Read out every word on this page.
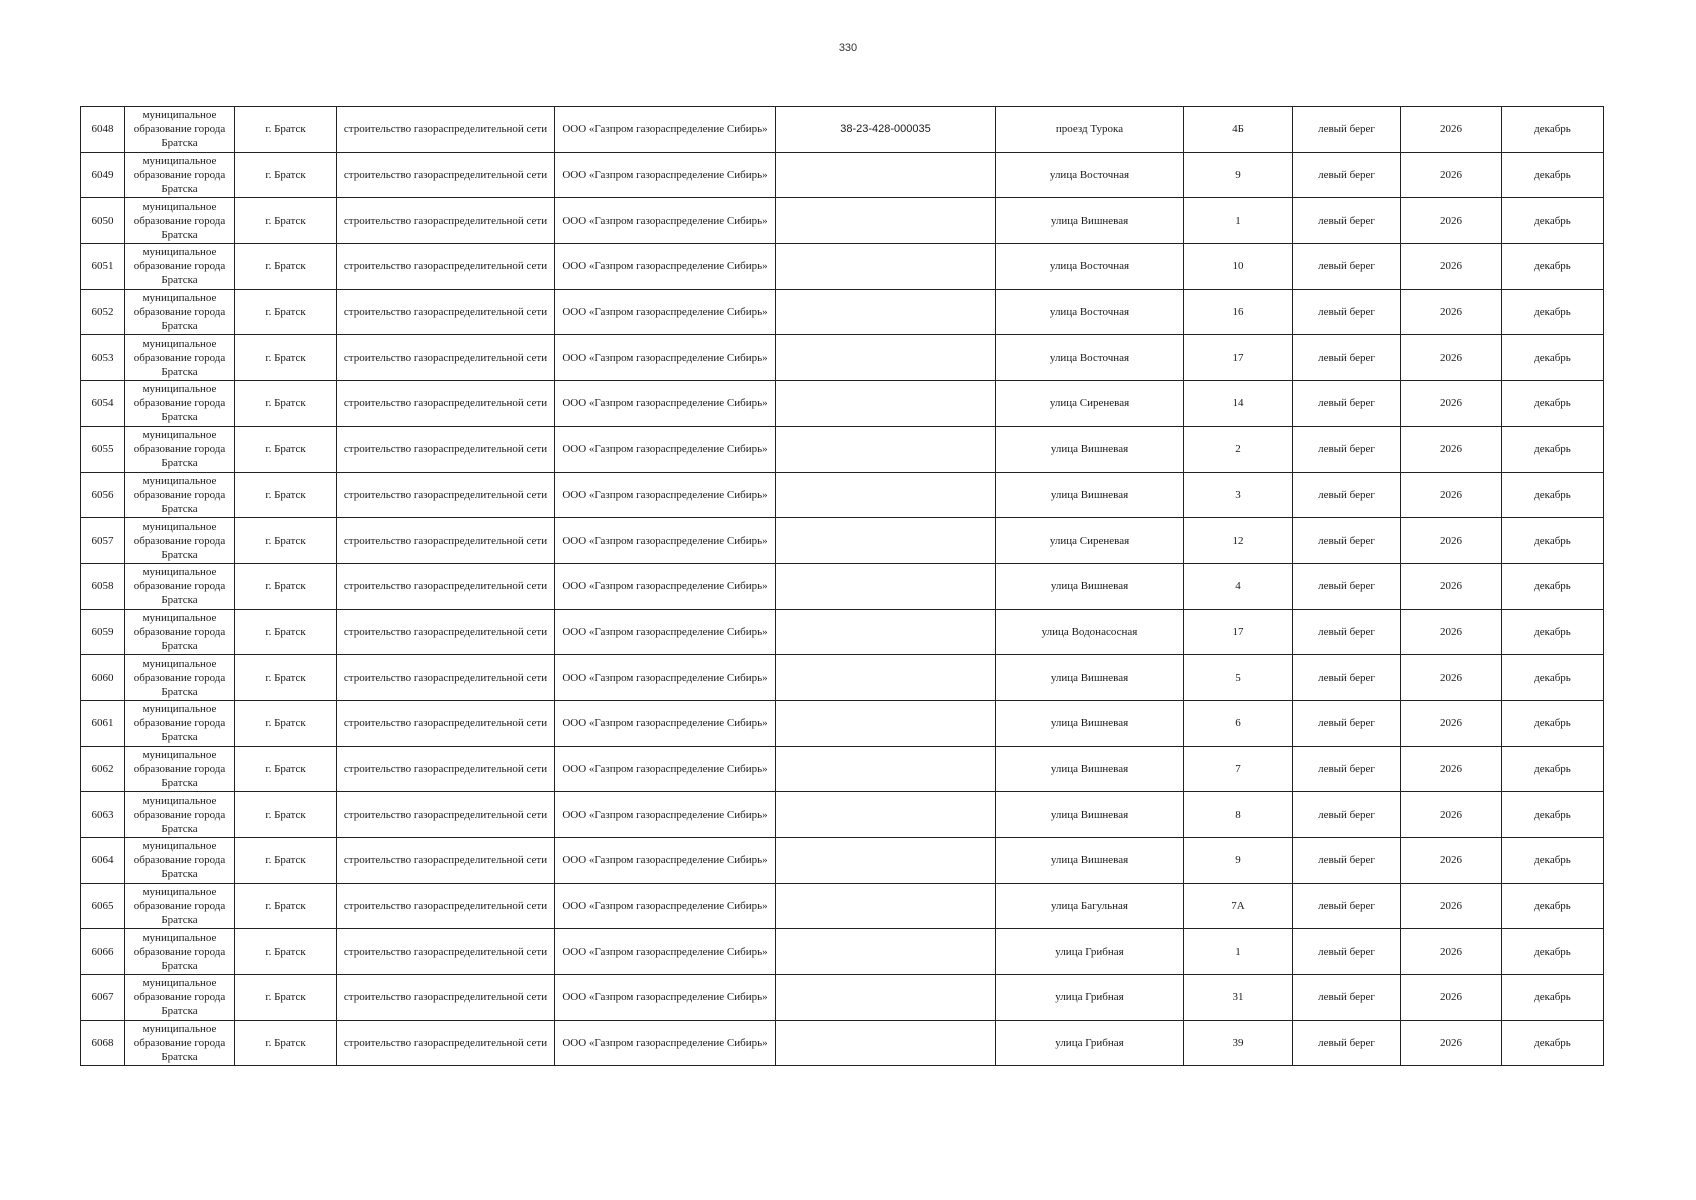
330
6048	муниципальное образование города Братска	г. Братск	строительство газораспределительной сети	ООО «Газпром газораспределение Сибирь»	38-23-428-000035	проезд Турока	4Б	левый берег	2026	декабрь
6049	муниципальное образование города Братска	г. Братск	строительство газораспределительной сети	ООО «Газпром газораспределение Сибирь»		улица Восточная	9	левый берег	2026	декабрь
6050	муниципальное образование города Братска	г. Братск	строительство газораспределительной сети	ООО «Газпром газораспределение Сибирь»		улица Вишневая	1	левый берег	2026	декабрь
6051	муниципальное образование города Братска	г. Братск	строительство газораспределительной сети	ООО «Газпром газораспределение Сибирь»		улица Восточная	10	левый берег	2026	декабрь
6052	муниципальное образование города Братска	г. Братск	строительство газораспределительной сети	ООО «Газпром газораспределение Сибирь»		улица Восточная	16	левый берег	2026	декабрь
6053	муниципальное образование города Братска	г. Братск	строительство газораспределительной сети	ООО «Газпром газораспределение Сибирь»		улица Восточная	17	левый берег	2026	декабрь
6054	муниципальное образование города Братска	г. Братск	строительство газораспределительной сети	ООО «Газпром газораспределение Сибирь»		улица Сиреневая	14	левый берег	2026	декабрь
6055	муниципальное образование города Братска	г. Братск	строительство газораспределительной сети	ООО «Газпром газораспределение Сибирь»		улица Вишневая	2	левый берег	2026	декабрь
6056	муниципальное образование города Братска	г. Братск	строительство газораспределительной сети	ООО «Газпром газораспределение Сибирь»		улица Вишневая	3	левый берег	2026	декабрь
6057	муниципальное образование города Братска	г. Братск	строительство газораспределительной сети	ООО «Газпром газораспределение Сибирь»		улица Сиреневая	12	левый берег	2026	декабрь
6058	муниципальное образование города Братска	г. Братск	строительство газораспределительной сети	ООО «Газпром газораспределение Сибирь»		улица Вишневая	4	левый берег	2026	декабрь
6059	муниципальное образование города Братска	г. Братск	строительство газораспределительной сети	ООО «Газпром газораспределение Сибирь»		улица Водонасосная	17	левый берег	2026	декабрь
6060	муниципальное образование города Братска	г. Братск	строительство газораспределительной сети	ООО «Газпром газораспределение Сибирь»		улица Вишневая	5	левый берег	2026	декабрь
6061	муниципальное образование города Братска	г. Братск	строительство газораспределительной сети	ООО «Газпром газораспределение Сибирь»		улица Вишневая	6	левый берег	2026	декабрь
6062	муниципальное образование города Братска	г. Братск	строительство газораспределительной сети	ООО «Газпром газораспределение Сибирь»		улица Вишневая	7	левый берег	2026	декабрь
6063	муниципальное образование города Братска	г. Братск	строительство газораспределительной сети	ООО «Газпром газораспределение Сибирь»		улица Вишневая	8	левый берег	2026	декабрь
6064	муниципальное образование города Братска	г. Братск	строительство газораспределительной сети	ООО «Газпром газораспределение Сибирь»		улица Вишневая	9	левый берег	2026	декабрь
6065	муниципальное образование города Братска	г. Братск	строительство газораспределительной сети	ООО «Газпром газораспределение Сибирь»		улица Багульная	7А	левый берег	2026	декабрь
6066	муниципальное образование города Братска	г. Братск	строительство газораспределительной сети	ООО «Газпром газораспределение Сибирь»		улица Грибная	1	левый берег	2026	декабрь
6067	муниципальное образование города Братска	г. Братск	строительство газораспределительной сети	ООО «Газпром газораспределение Сибирь»		улица Грибная	31	левый берег	2026	декабрь
6068	муниципальное образование города Братска	г. Братск	строительство газораспределительной сети	ООО «Газпром газораспределение Сибирь»		улица Грибная	39	левый берег	2026	декабрь
